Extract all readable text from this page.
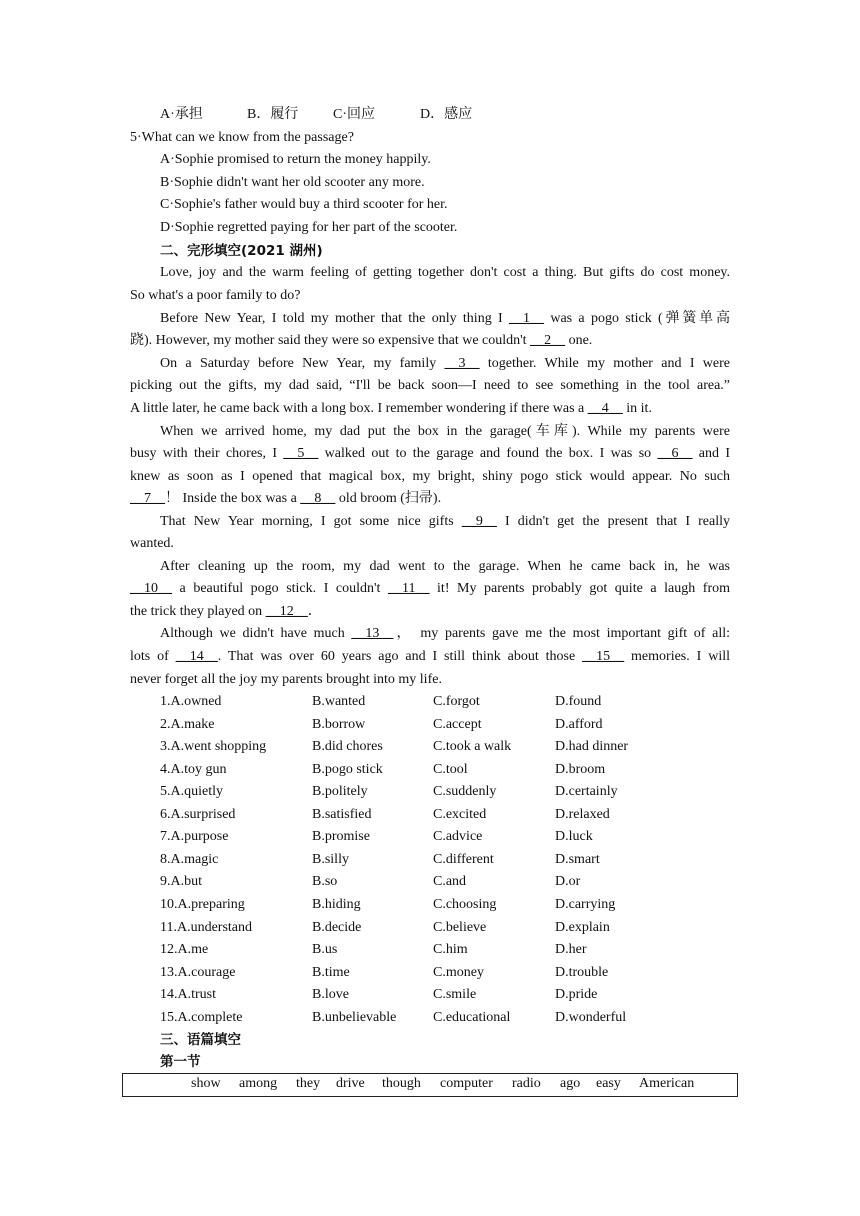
A·承担	B．履行 C·回应	D．感应
5·What can we know from the passage?
A·Sophie promised to return the money happily.
B·Sophie didn't want her old scooter any more.
C·Sophie's father would buy a third scooter for her.
D·Sophie regretted paying for her part of the scooter.
二、完形填空(2021 湖州)
Love, joy and the warm feeling of getting together don't cost a thing. But gifts do cost money.
So what's a poor family to do?
Before New Year, I told my mother that the only thing I __1__ was a pogo stick (弹簧单高
跷). However, my mother said they were so expensive that we couldn't __2__ one.
On a Saturday before New Year, my family __3__ together. While my mother and I were
picking out the gifts, my dad said, “I'll be back soon—I need to see something in the tool area.”
A little later, he came back with a long box. I remember wondering if there was a __4__ in it.
When we arrived home, my dad put the box in the garage(车库). While my parents were
busy with their chores, I __5__ walked out to the garage and found the box. I was so __6__ and I
knew as soon as I opened that magical box, my bright, shiny pogo stick would appear. No such
__7__！ Inside the box was a __8__ old broom (扫帚).
That New Year morning, I got some nice gifts __9__ I didn't get the present that I really
wanted.
After cleaning up the room, my dad went to the garage. When he came back in, he was
__10__ a beautiful pogo stick. I couldn't __11__ it! My parents probably got quite a laugh from
the trick they played on __12__．
Although we didn't have much __13__， my parents gave me the most important gift of all:
lots of __14__. That was over 60 years ago and I still think about those __15__ memories. I will
never forget all the joy my parents brought into my life.
1.A.owned	B.wanted	C.forgot	D.found
2.A.make	B.borrow	C.accept	D.afford
3.A.went shopping	B.did chores	C.took a walk	D.had dinner
4.A.toy gun	B.pogo stick	C.tool	D.broom
5.A.quietly	B.politely	C.suddenly	D.certainly
6.A.surprised	B.satisfied	C.excited	D.relaxed
7.A.purpose	B.promise	C.advice	D.luck
8.A.magic	B.silly	C.different	D.smart
9.A.but	B.so	C.and	D.or
10.A.preparing	B.hiding	C.choosing	D.carrying
11.A.understand	B.decide	C.believe	D.explain
12.A.me	B.us	C.him	D.her
13.A.courage	B.time	C.money	D.trouble
14.A.trust	B.love	C.smile	D.pride
15.A.complete	B.unbelievable	C.educational	D.wonderful
三、语篇填空
第一节
show among they drive though computer radio ago easy American
